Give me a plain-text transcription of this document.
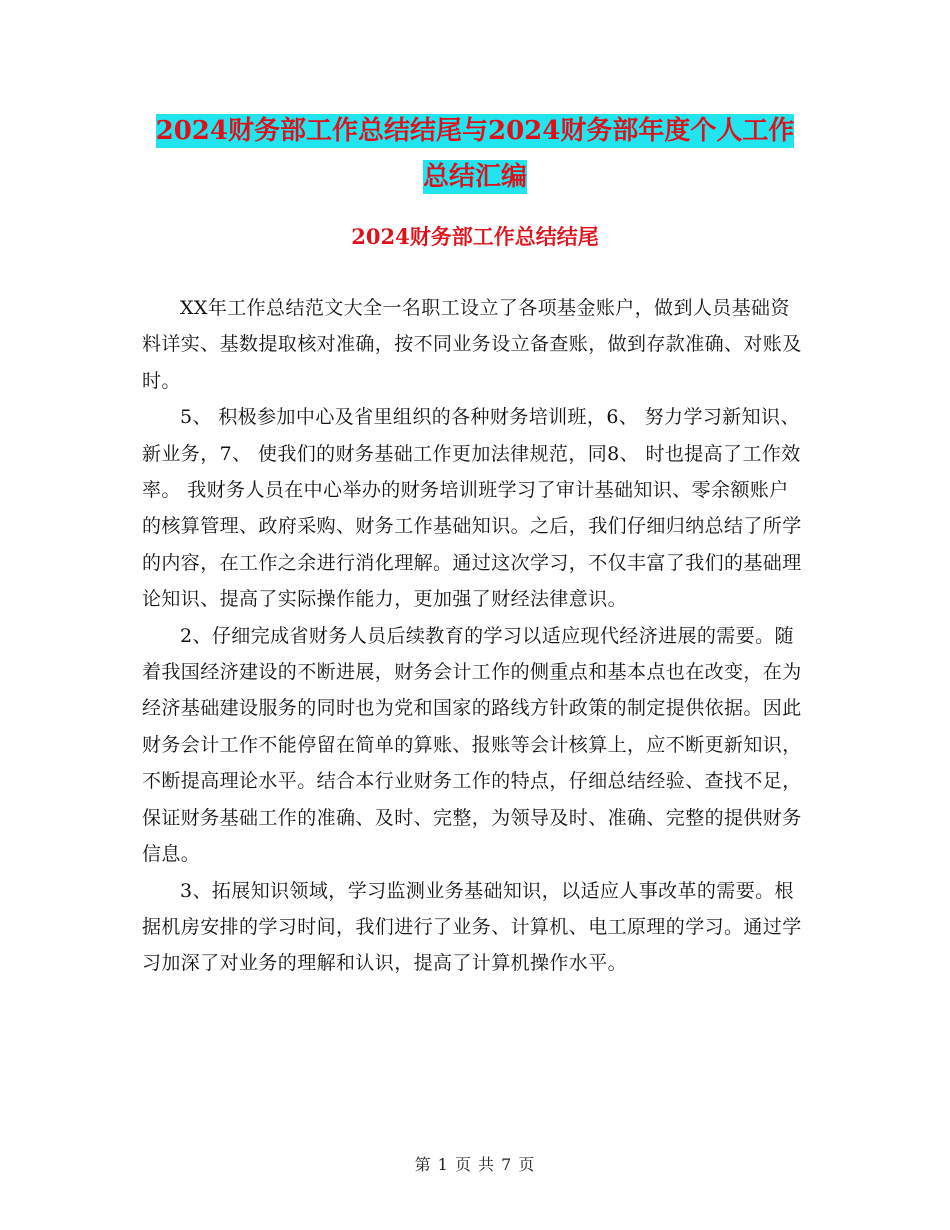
2024财务部工作总结结尾与2024财务部年度个人工作
总结汇编
2024财务部工作总结结尾

XX年工作总结范文大全一名职工设立了各项基金账户，做到人员基础资料详实、基数提取核对准确，按不同业务设立备查账，做到存款准确、对账及时。

5、 积极参加中心及省里组织的各种财务培训班，6、 努力学习新知识、新业务，7、 使我们的财务基础工作更加法律规范，同8、 时也提高了工作效率。 我财务人员在中心举办的财务培训班学习了审计基础知识、零余额账户的核算管理、政府采购、财务工作基础知识。之后，我们仔细归纳总结了所学的内容，在工作之余进行消化理解。通过这次学习，不仅丰富了我们的基础理论知识、提高了实际操作能力，更加强了财经法律意识。

2、仔细完成省财务人员后续教育的学习以适应现代经济进展的需要。随着我国经济建设的不断进展，财务会计工作的侧重点和基本点也在改变，在为经济基础建设服务的同时也为党和国家的路线方针政策的制定提供依据。因此财务会计工作不能停留在简单的算账、报账等会计核算上，应不断更新知识，不断提高理论水平。结合本行业财务工作的特点，仔细总结经验、查找不足，保证财务基础工作的准确、及时、完整，为领导及时、准确、完整的提供财务信息。

3、拓展知识领域，学习监测业务基础知识，以适应人事改革的需要。根据机房安排的学习时间，我们进行了业务、计算机、电工原理的学习。通过学习加深了对业务的理解和认识，提高了计算机操作水平。

第 1 页 共 7 页
